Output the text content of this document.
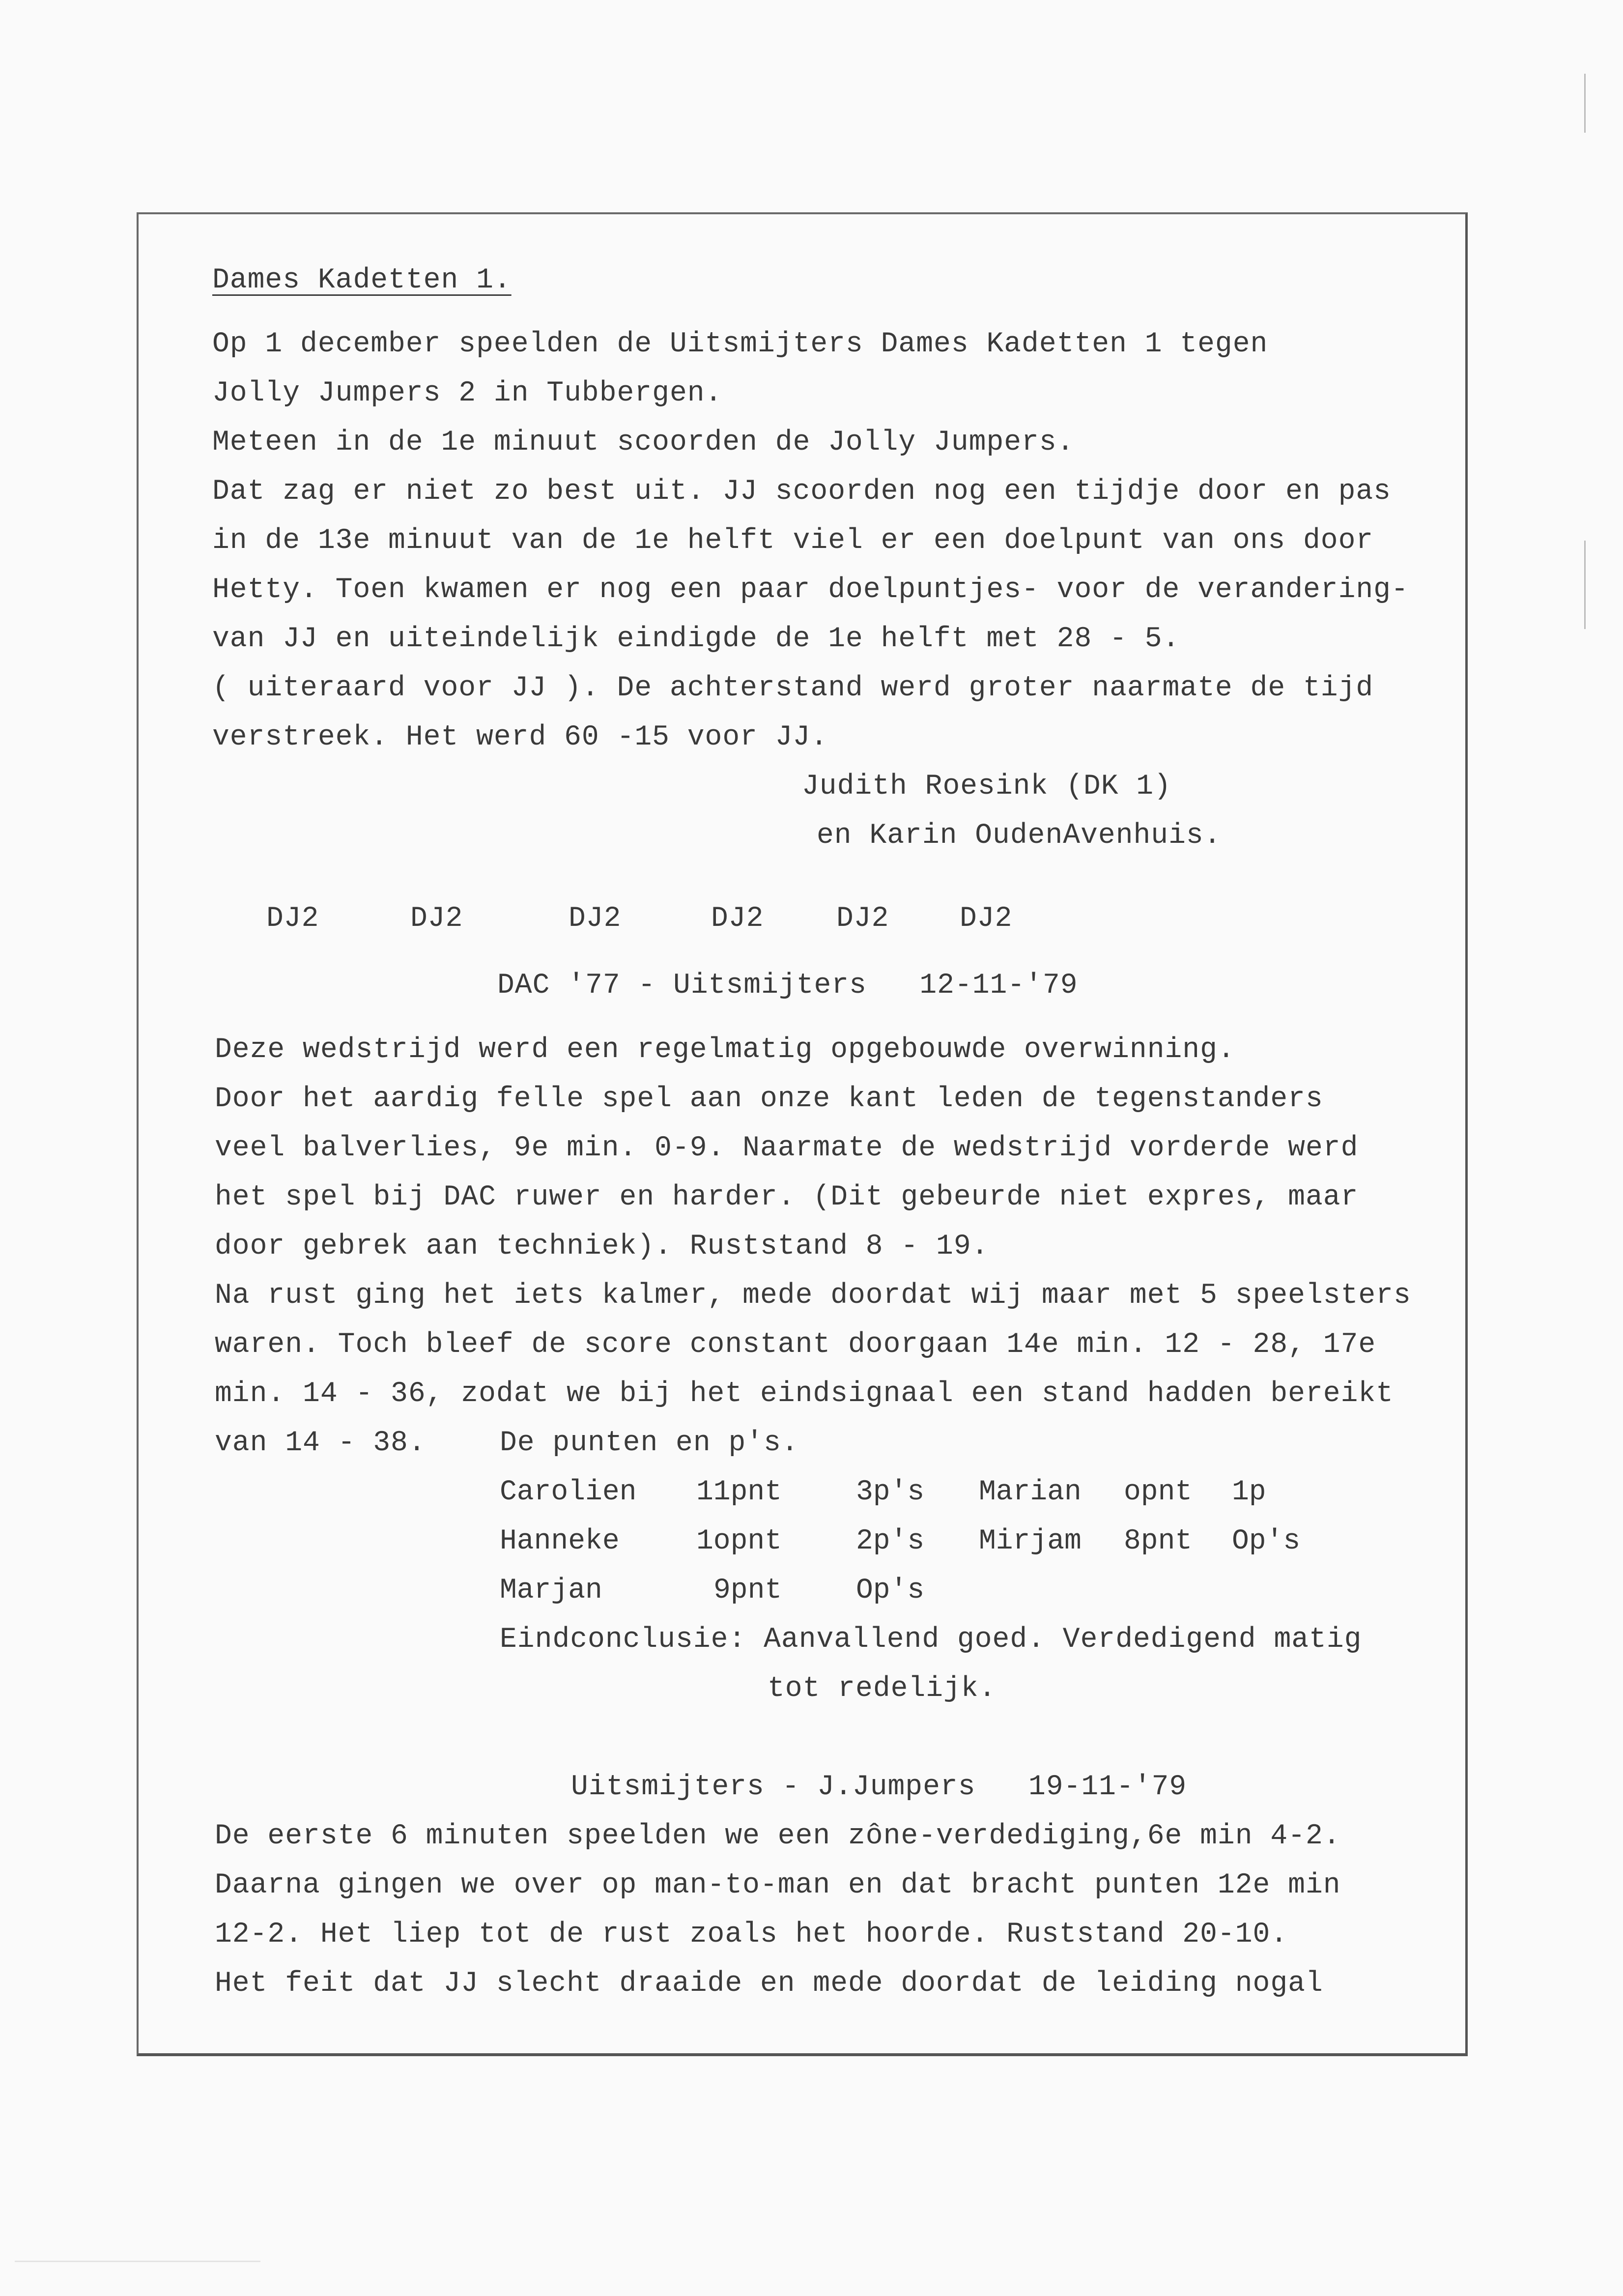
Dames Kadetten 1.
Op 1 december speelden de Uitsmijters Dames Kadetten 1 tegen
Jolly Jumpers 2 in Tubbergen.
Meteen in de 1e minuut scoorden de Jolly Jumpers.
Dat zag er niet zo best uit. JJ scoorden nog een tijdje door en pas
in de 13e minuut van de 1e helft viel er een doelpunt van ons door
Hetty. Toen kwamen er nog een paar doelpuntjes- voor de verandering-
van JJ en uiteindelijk eindigde de 1e helft met 28 - 5.
( uiteraard voor JJ ). De achterstand werd groter naarmate de tijd
verstreek. Het werd 60 -15 voor JJ.
Judith Roesink (DK 1)
en Karin OudenAvenhuis.
DJ2	DJ2	DJ2	DJ2	DJ2 DJ2
DAC '77 - Uitsmijters   12-11-'79
Deze wedstrijd werd een regelmatig opgebouwde overwinning.
Door het aardig felle spel aan onze kant leden de tegenstanders
veel balverlies, 9e min. 0-9. Naarmate de wedstrijd vorderde werd
het spel bij DAC ruwer en harder. (Dit gebeurde niet expres, maar
door gebrek aan techniek). Ruststand 8 - 19.
Na rust ging het iets kalmer, mede doordat wij maar met 5 speelsters
waren. Toch bleef de score constant doorgaan 14e min. 12 - 28, 17e
min. 14 - 36, zodat we bij het eindsignaal een stand hadden bereikt
van 14 - 38.	De punten en p's.
Carolien 11pnt	3p's Marian opnt 1p
Hanneke	1opnt	2p's Mirjam 8pnt Op's
Marjan	9pnt	Op's
Eindconclusie: Aanvallend goed. Verdedigend matig
tot redelijk.
Uitsmijters - J.Jumpers   19-11-'79
De eerste 6 minuten speelden we een zône-verdediging,6e min 4-2.
Daarna gingen we over op man-to-man en dat bracht punten 12e min
12-2. Het liep tot de rust zoals het hoorde. Ruststand 20-10.
Het feit dat JJ slecht draaide en mede doordat de leiding nogal
